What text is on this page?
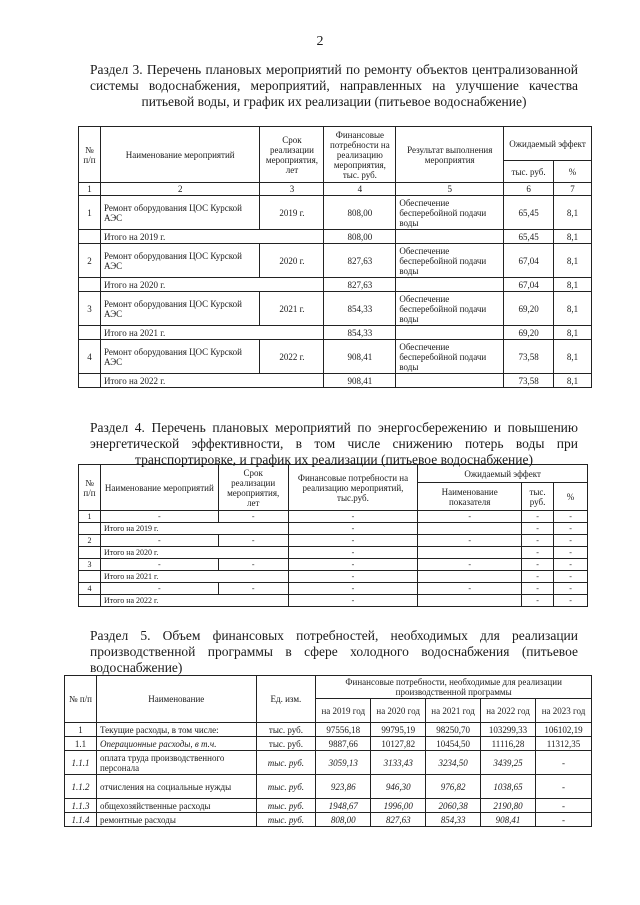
2
Раздел 3. Перечень плановых мероприятий по ремонту объектов централизованной системы водоснабжения, мероприятий, направленных на улучшение качества питьевой воды, и график их реализации (питьевое водоснабжение)
№ п/п	Наименование мероприятий	Срок реализации мероприятия, лет	Финансовые потребности на реализацию мероприятия, тыс. руб.	Результат выполнения мероприятия	Ожидаемый эффект	
					тыс. руб.	%
1	2	3	4	5	6	7
1	Ремонт оборудования ЦОС Курской АЭС	2019 г.	808,00	Обеспечение бесперебойной подачи воды	65,45	8,1
	Итого на 2019 г.		808,00		65,45	8,1
2	Ремонт оборудования ЦОС Курской АЭС	2020 г.	827,63	Обеспечение бесперебойной подачи воды	67,04	8,1
	Итого на 2020 г.		827,63		67,04	8,1
3	Ремонт оборудования ЦОС Курской АЭС	2021 г.	854,33	Обеспечение бесперебойной подачи воды	69,20	8,1
	Итого на 2021 г.		854,33		69,20	8,1
4	Ремонт оборудования ЦОС Курской АЭС	2022 г.	908,41	Обеспечение бесперебойной подачи воды	73,58	8,1
	Итого на 2022 г.		908,41		73,58	8,1
Раздел 4. Перечень плановых мероприятий по энергосбережению и повышению энергетической эффективности, в том числе снижению потерь воды при транспортировке, и график их реализации (питьевое водоснабжение)
№ п/п	Наименование мероприятий	Срок реализации мероприятия, лет	Финансовые потребности на реализацию мероприятий, тыс.руб.	Ожидаемый эффект		
				Наименование показателя	тыс. руб.	%
1	-	-	-	-	-	-
	Итого на 2019 г.		-		-	-
2	-	-	-	-	-	-
	Итого на 2020 г.		-		-	-
3	-	-	-	-	-	-
	Итого на 2021 г.		-		-	-
4	-	-	-	-	-	-
	Итого на 2022 г.		-		-	-
Раздел 5. Объем финансовых потребностей, необходимых для реализации производственной программы в сфере холодного водоснабжения (питьевое водоснабжение)
№ п/п	Наименование	Ед. изм.	Финансовые потребности, необходимые для реализации производственной программы				
			на 2019 год	на 2020 год	на 2021 год	на 2022 год	на 2023 год
1	Текущие расходы, в том числе:	тыс. руб.	97556,18	99795,19	98250,70	103299,33	106102,19
1.1	Операционные расходы, в т.ч.	тыс. руб.	9887,66	10127,82	10454,50	11116,28	11312,35
1.1.1	оплата труда производственного персонала	тыс. руб.	3059,13	3133,43	3234,50	3439,25	-
1.1.2	отчисления на социальные нужды	тыс. руб.	923,86	946,30	976,82	1038,65	-
1.1.3	общехозяйственные расходы	тыс. руб.	1948,67	1996,00	2060,38	2190,80	-
1.1.4	ремонтные расходы	тыс. руб.	808,00	827,63	854,33	908,41	-
